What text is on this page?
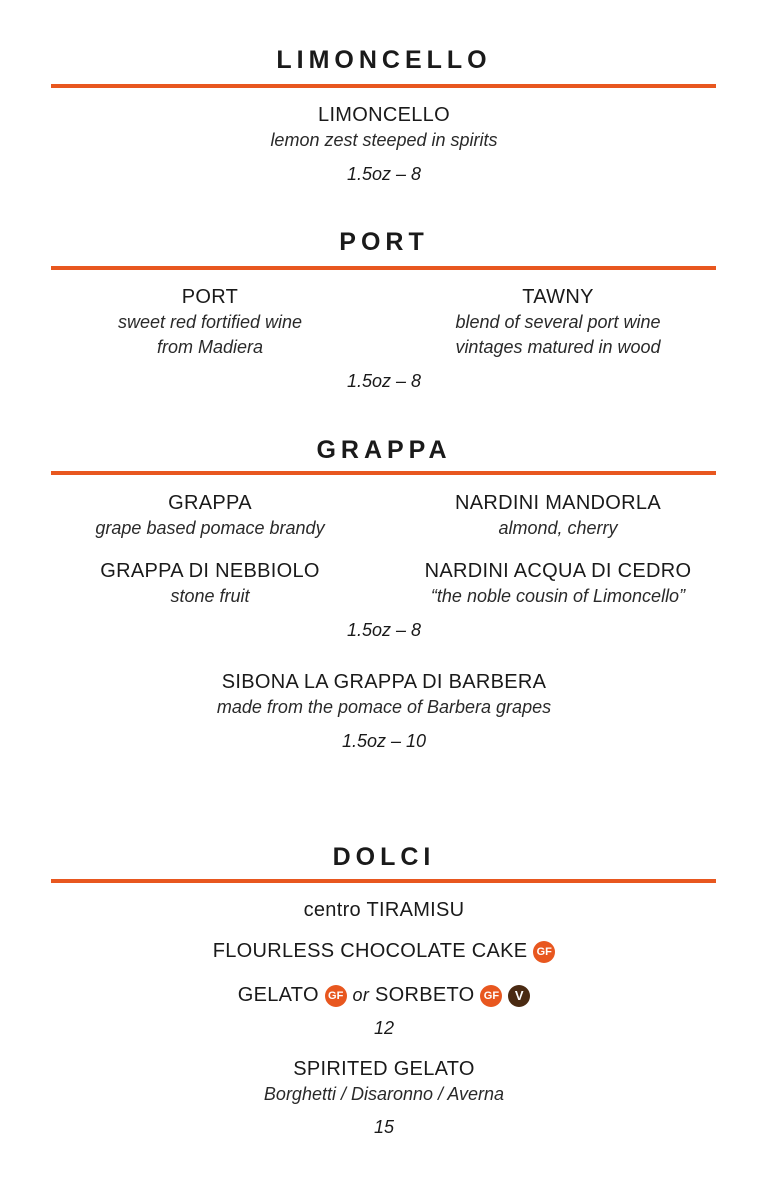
LIMONCELLO
LIMONCELLO
lemon zest steeped in spirits
1.5oz – 8
PORT
PORT
sweet red fortified wine
from Madiera
TAWNY
blend of several port wine
vintages matured in wood
1.5oz – 8
GRAPPA
GRAPPA
grape based pomace brandy
NARDINI MANDORLA
almond, cherry
GRAPPA DI NEBBIOLO
stone fruit
NARDINI ACQUA DI CEDRO
“the noble cousin of Limoncello”
1.5oz – 8
SIBONA LA GRAPPA DI BARBERA
made from the pomace of Barbera grapes
1.5oz – 10
DOLCI
centro TIRAMISU
FLOURLESS CHOCOLATE CAKE GF
GELATO GF or SORBETO GF V
12
SPIRITED GELATO
Borghetti / Disaronno / Averna
15
